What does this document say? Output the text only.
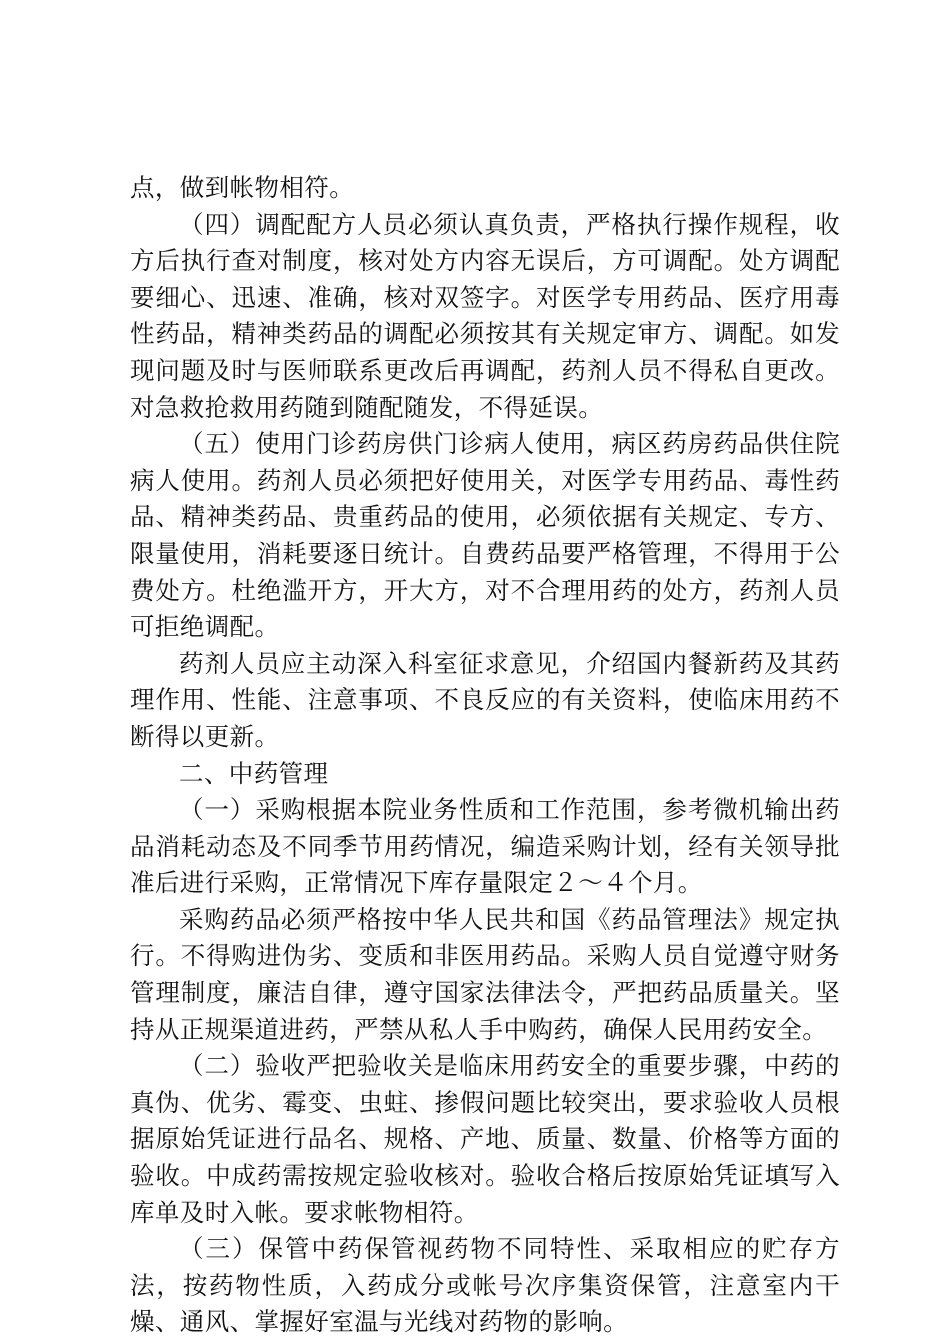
点，做到帐物相符。

（四）调配配方人员必须认真负责，严格执行操作规程，收方后执行查对制度，核对处方内容无误后，方可调配。处方调配要细心、迅速、准确，核对双签字。对医学专用药品、医疗用毒性药品，精神类药品的调配必须按其有关规定审方、调配。如发现问题及时与医师联系更改后再调配，药剂人员不得私自更改。对急救抢救用药随到随配随发，不得延误。

（五）使用门诊药房供门诊病人使用，病区药房药品供住院病人使用。药剂人员必须把好使用关，对医学专用药品、毒性药品、精神类药品、贵重药品的使用，必须依据有关规定、专方、限量使用，消耗要逐日统计。自费药品要严格管理，不得用于公费处方。杜绝滥开方，开大方，对不合理用药的处方，药剂人员可拒绝调配。

药剂人员应主动深入科室征求意见，介绍国内餐新药及其药理作用、性能、注意事项、不良反应的有关资料，使临床用药不断得以更新。

二、中药管理

（一）采购根据本院业务性质和工作范围，参考微机输出药品消耗动态及不同季节用药情况，编造采购计划，经有关领导批准后进行采购，正常情况下库存量限定２～４个月。

采购药品必须严格按中华人民共和国《药品管理法》规定执行。不得购进伪劣、变质和非医用药品。采购人员自觉遵守财务管理制度，廉洁自律，遵守国家法律法令，严把药品质量关。坚持从正规渠道进药，严禁从私人手中购药，确保人民用药安全。

（二）验收严把验收关是临床用药安全的重要步骤，中药的真伪、优劣、霉变、虫蛀、掺假问题比较突出，要求验收人员根据原始凭证进行品名、规格、产地、质量、数量、价格等方面的验收。中成药需按规定验收核对。验收合格后按原始凭证填写入库单及时入帐。要求帐物相符。

（三）保管中药保管视药物不同特性、采取相应的贮存方法，按药物性质，入药成分或帐号次序集资保管，注意室内干燥、通风、掌握好室温与光线对药物的影响。
